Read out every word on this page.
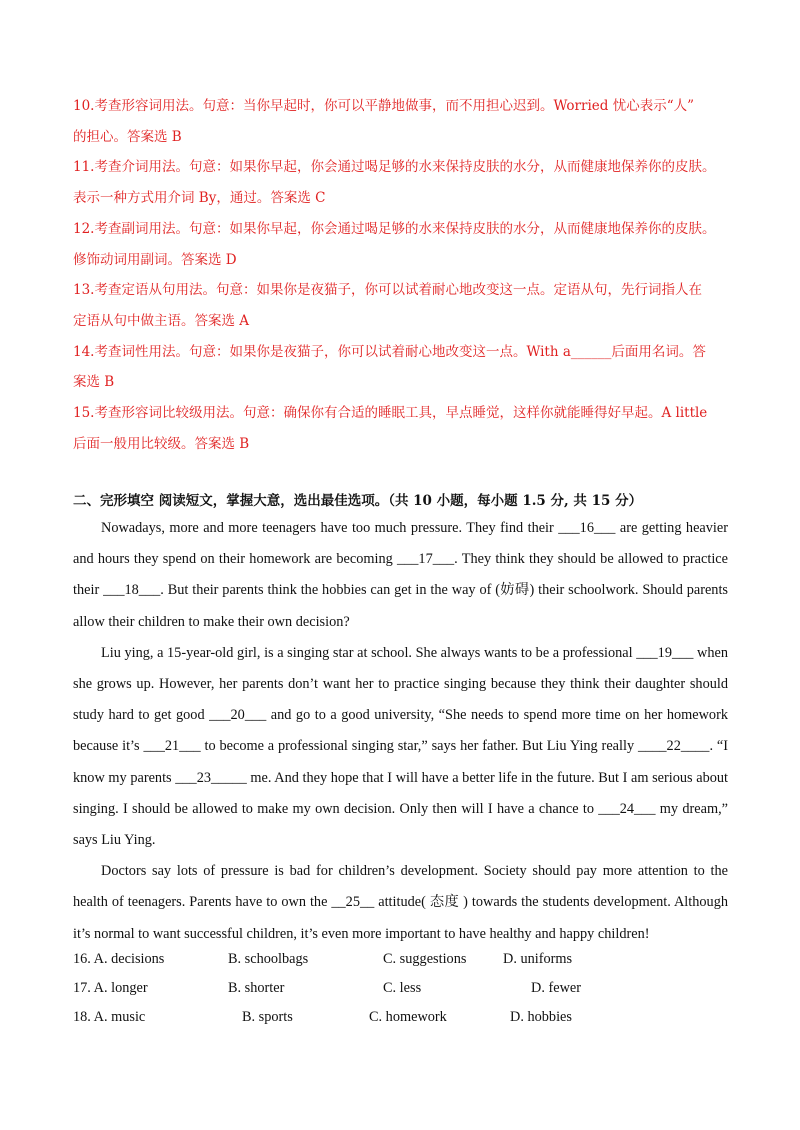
10.考查形容词用法。句意：当你早起时，你可以平静地做事，而不用担心迟到。Worried 忧心表示“人”

的担心。答案选 B

11.考查介词用法。句意：如果你早起，你会通过喝足够的水来保持皮肤的水分，从而健康地保养你的皮肤。

表示一种方式用介词 By，通过。答案选 C

12.考查副词用法。句意：如果你早起，你会通过喝足够的水来保持皮肤的水分，从而健康地保养你的皮肤。

修饰动词用副词。答案选 D

13.考查定语从句用法。句意：如果你是夜猫子，你可以试着耐心地改变这一点。定语从句，先行词指人在

定语从句中做主语。答案选 A

14.考查词性用法。句意：如果你是夜猫子，你可以试着耐心地改变这一点。With a______后面用名词。答

案选 B

15.考查形容词比较级用法。句意：确保你有合适的睡眠工具，早点睡觉，这样你就能睡得好早起。A little

后面一般用比较级。答案选 B

二、完形填空 阅读短文，掌握大意，选出最佳选项。（共 10 小题，每小题 1.5 分, 共 15 分）

Nowadays, more and more teenagers have too much pressure. They find their ___16___ are getting heavier and hours they spend on their homework are becoming ___17___. They think they should be allowed to practice their ___18___. But their parents think the hobbies can get in the way of (妨碍) their schoolwork. Should parents allow their children to make their own decision?

Liu ying, a 15-year-old girl, is a singing star at school. She always wants to be a professional ___19___ when she grows up. However, her parents don’t want her to practice singing because they think their daughter should study hard to get good ___20___ and go to a good university, “She needs to spend more time on her homework because it’s ___21___ to become a professional singing star,” says her father. But Liu Ying really ____22____. “I know my parents ___23_____ me. And they hope that I will have a better life in the future. But I am serious about singing. I should be allowed to make my own decision. Only then will I have a chance to ___24___ my dream,” says Liu Ying.

Doctors say lots of pressure is bad for children’s development. Society should pay more attention to the health of teenagers. Parents have to own the __25__ attitude( 态度 ) towards the students development. Although it’s normal to want successful children, it’s even more important to have healthy and happy children!

16. A. decisions	B. schoolbags	C. suggestions	D. uniforms
17. A. longer	B. shorter	C. less	D. fewer
18. A. music	B. sports	C. homework	D. hobbies
